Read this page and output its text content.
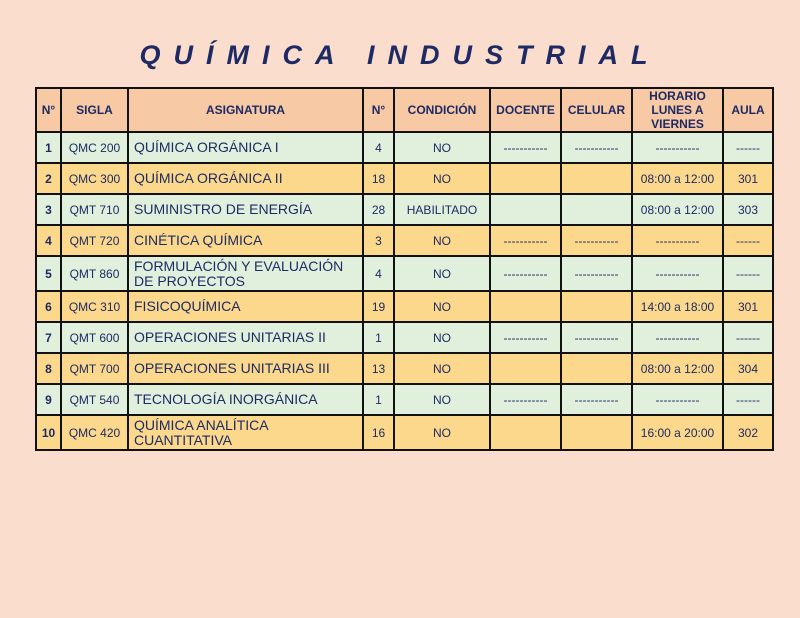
QUÍMICA INDUSTRIAL
N°	SIGLA	ASIGNATURA	N°	CONDICIÓN	DOCENTE	CELULAR	HORARIO LUNES A VIERNES	AULA
1	QMC 200	QUÍMICA ORGÁNICA I	4	NO	-----------	-----------	-----------	------
2	QMC 300	QUÍMICA ORGÁNICA II	18	NO			08:00 a 12:00	301
3	QMT 710	SUMINISTRO DE ENERGÍA	28	HABILITADO			08:00 a 12:00	303
4	QMT 720	CINÉTICA QUÍMICA	3	NO	-----------	-----------	-----------	------
5	QMT 860	FORMULACIÓN Y EVALUACIÓN DE PROYECTOS	4	NO	-----------	-----------	-----------	------
6	QMC 310	FISICOQUÍMICA	19	NO			14:00 a 18:00	301
7	QMT 600	OPERACIONES UNITARIAS II	1	NO	-----------	-----------	-----------	------
8	QMT 700	OPERACIONES UNITARIAS III	13	NO			08:00 a 12:00	304
9	QMT 540	TECNOLOGÍA INORGÁNICA	1	NO	-----------	-----------	-----------	------
10	QMC 420	QUÍMICA ANALÍTICA CUANTITATIVA	16	NO			16:00 a 20:00	302
